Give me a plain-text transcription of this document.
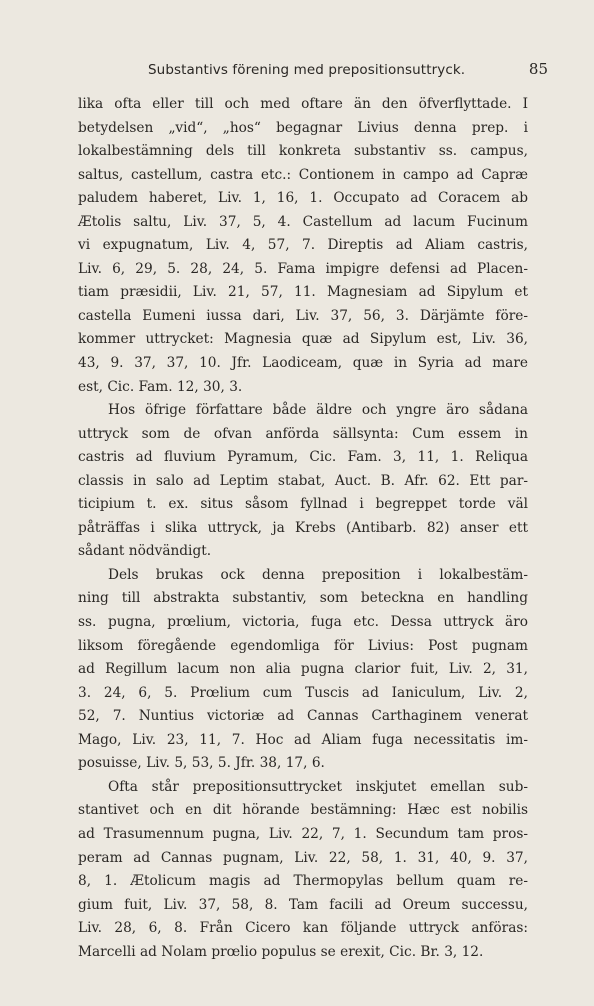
Substantivs förening med prepositionsuttryck.	85
lika ofta eller till och med oftare än den öfverflyttade. I
betydelsen „vid“, „hos“ begagnar Livius denna prep. i
lokalbestämning dels till konkreta substantiv ss. campus,
saltus, castellum, castra etc.: Contionem in campo ad Capræ
paludem haberet, Liv. 1, 16, 1. Occupato ad Coracem ab
Ætolis saltu, Liv. 37, 5, 4. Castellum ad lacum Fucinum
vi expugnatum, Liv. 4, 57, 7. Direptis ad Aliam castris,
Liv. 6, 29, 5. 28, 24, 5. Fama impigre defensi ad Placen-
tiam præsidii, Liv. 21, 57, 11. Magnesiam ad Sipylum et
castella Eumeni iussa dari, Liv. 37, 56, 3. Därjämte före-
kommer uttrycket: Magnesia quæ ad Sipylum est, Liv. 36,
43, 9. 37, 37, 10. Jfr. Laodiceam, quæ in Syria ad mare
est, Cic. Fam. 12, 30, 3.
Hos öfrige författare både äldre och yngre äro sådana
uttryck som de ofvan anförda sällsynta: Cum essem in
castris ad fluvium Pyramum, Cic. Fam. 3, 11, 1. Reliqua
classis in salo ad Leptim stabat, Auct. B. Afr. 62. Ett par-
ticipium t. ex. situs såsom fyllnad i begreppet torde väl
påträffas i slika uttryck, ja Krebs (Antibarb. 82) anser ett
sådant nödvändigt.
Dels brukas ock denna preposition i lokalbestäm-
ning till abstrakta substantiv, som beteckna en handling
ss. pugna, prœlium, victoria, fuga etc. Dessa uttryck äro
liksom föregående egendomliga för Livius: Post pugnam
ad Regillum lacum non alia pugna clarior fuit, Liv. 2, 31,
3. 24, 6, 5. Prœlium cum Tuscis ad Ianiculum, Liv. 2,
52, 7. Nuntius victoriæ ad Cannas Carthaginem venerat
Mago, Liv. 23, 11, 7. Hoc ad Aliam fuga necessitatis im-
posuisse, Liv. 5, 53, 5. Jfr. 38, 17, 6.
Ofta står prepositionsuttrycket inskjutet emellan sub-
stantivet och en dit hörande bestämning: Hæc est nobilis
ad Trasumennum pugna, Liv. 22, 7, 1. Secundum tam pros-
peram ad Cannas pugnam, Liv. 22, 58, 1. 31, 40, 9. 37,
8, 1. Ætolicum magis ad Thermopylas bellum quam re-
gium fuit, Liv. 37, 58, 8. Tam facili ad Oreum successu,
Liv. 28, 6, 8. Från Cicero kan följande uttryck anföras:
Marcelli ad Nolam prœlio populus se erexit, Cic. Br. 3, 12.
